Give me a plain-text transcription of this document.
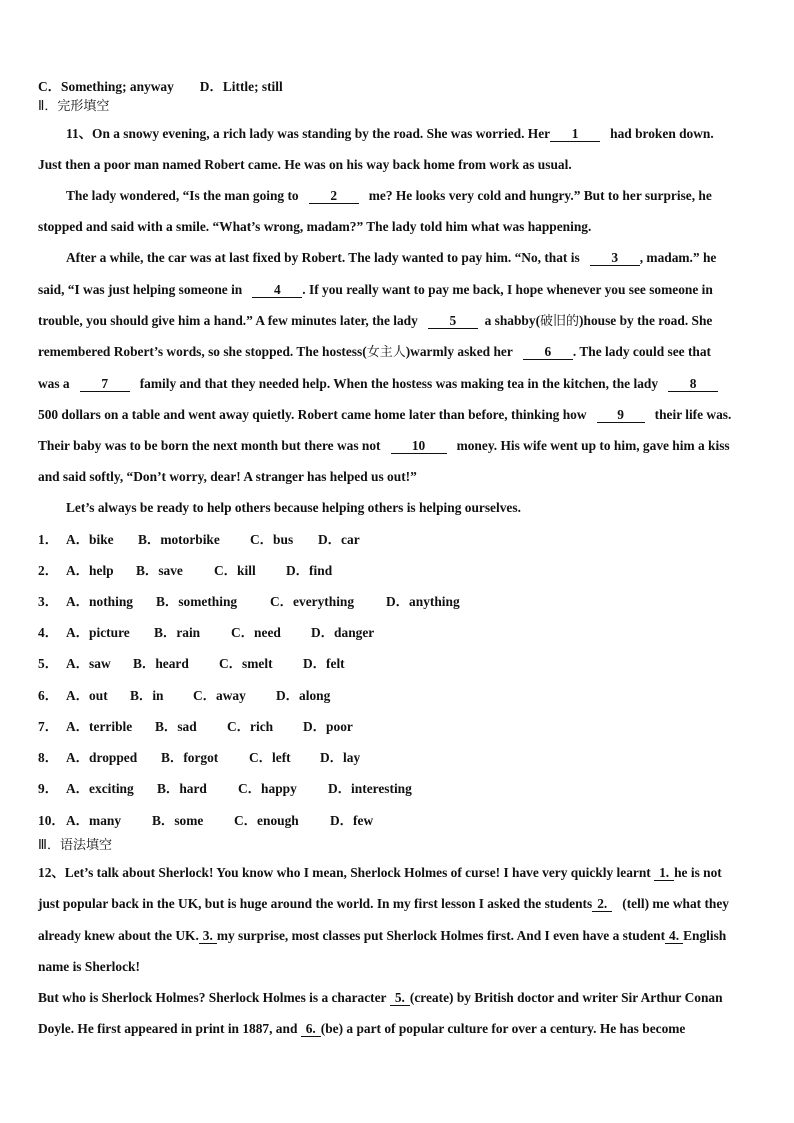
C．Something; anyway D．Little; still
Ⅱ．完形填空
11、On a snowy evening, a rich lady was standing by the road. She was worried. Her 1 had broken down.
Just then a poor man named Robert came. He was on his way back home from work as usual.
The lady wondered, “Is the man going to 2 me? He looks very cold and hungry.” But to her surprise, he
stopped and said with a smile. “What’s wrong, madam?” The lady told him what was happening.
After a while, the car was at last fixed by Robert. The lady wanted to pay him. “No, that is 3 , madam.” he
said, “I was just helping someone in 4 . If you really want to pay me back, I hope whenever you see someone in
trouble, you should give him a hand.” A few minutes later, the lady 5 a shabby(破旧的)house by the road. She
remembered Robert’s words, so she stopped. The hostess(女主人)warmly asked her 6 . The lady could see that
was a 7 family and that they needed help. When the hostess was making tea in the kitchen, the lady 8
500 dollars on a table and went away quietly. Robert came home later than before, thinking how 9 their life was.
Their baby was to be born the next month but there was not 10 money. His wife went up to him, gave him a kiss
and said softly, “Don’t worry, dear! A stranger has helped us out!”
Let’s always be ready to help others because helping others is helping ourselves.
1． A．bike B．motorbike C．bus D．car
2． A．help B．save C．kill D．find
3． A．nothing B．something C．everything D．anything
4． A．picture B．rain C．need D．danger
5． A．saw B．heard C．smelt D．felt
6． A．out B．in C．away D．along
7． A．terrible B．sad C．rich D．poor
8． A．dropped B．forgot C．left D．lay
9． A．exciting B．hard C．happy D．interesting
10．A．many B．some C．enough D．few
Ⅲ．语法填空
12、Let’s talk about Sherlock! You know who I mean, Sherlock Holmes of curse! I have very quickly learnt 1. he is not
just popular back in the UK, but is huge around the world. In my first lesson I asked the students 2. (tell) me what they
already knew about the UK. 3. my surprise, most classes put Sherlock Holmes first. And I even have a student 4. English
name is Sherlock!
But who is Sherlock Holmes? Sherlock Holmes is a character 5. (create) by British doctor and writer Sir Arthur Conan
Doyle. He first appeared in print in 1887, and 6. (be) a part of popular culture for over a century. He has become
